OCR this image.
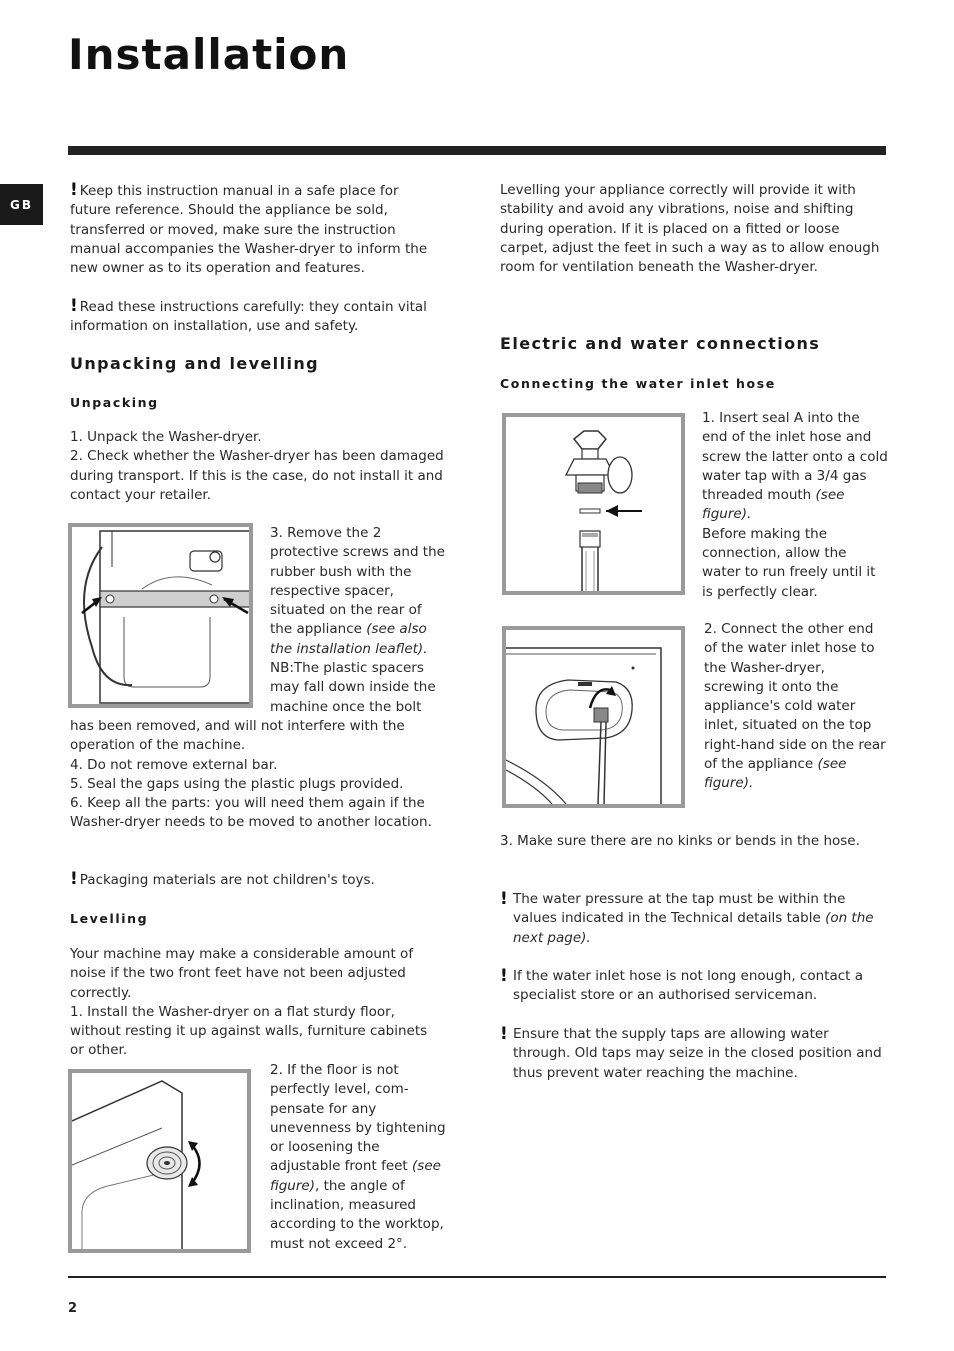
Installation
GB
! Keep this instruction manual in a safe place for future reference. Should the appliance be sold, transferred or moved, make sure the instruction manual accompanies the Washer-dryer to inform the new owner as to its operation and features.
! Read these instructions carefully: they contain vital information on installation, use and safety.
Unpacking and levelling
Unpacking

1. Unpack the Washer-dryer.

2. Check whether the Washer-dryer has been damaged during transport. If this is the case, do not install it and contact your retailer.

3. Remove the 2 protective screws and the rubber bush with the respective spacer, situated on the rear of the appliance (see also the installation leaflet).

NB:The plastic spacers

may fall down inside the

machine once the bolt

has been removed, and will not interfere with the operation of the machine.

4. Do not remove external bar.

5. Seal the gaps using the plastic plugs provided.

6. Keep all the parts: you will need them again if the Washer-dryer needs to be moved to another location.

! Packaging materials are not children's toys.
Levelling

Your machine may make a considerable amount of noise if the two front feet have not been adjusted correctly.

1. Install the Washer-dryer on a flat sturdy floor, without resting it up against walls, furniture cabinets or other.

2. If the floor is not perfectly level, com- pensate for any unevenness by tightening or loosening the adjustable front feet (see figure), the angle of inclination, measured according to the worktop, must not exceed 2°.
Levelling your appliance correctly will provide it with stability and avoid any vibrations, noise and shifting during operation. If it is placed on a fitted or loose carpet, adjust the feet in such a way as to allow enough room for ventilation beneath the Washer-dryer.
Electric and water connections
Connecting the water inlet hose
1. Insert seal A into the end of the inlet hose and screw the latter onto a cold water tap with a 3/4 gas threaded mouth (see figure).

Before making the connection, allow the water to run freely until it is perfectly clear.

2. Connect the other end of the water inlet hose to the Washer-dryer, screwing it onto the appliance's cold water inlet, situated on the top right-hand side on the rear of the appliance (see figure).
3. Make sure there are no kinks or bends in the hose.
! The water pressure at the tap must be within the values indicated in the Technical details table (on the next page).
! If the water inlet hose is not long enough, contact a specialist store or an authorised serviceman.
! Ensure that the supply taps are allowing water through. Old taps may seize in the closed position and thus prevent water reaching the machine.
2
